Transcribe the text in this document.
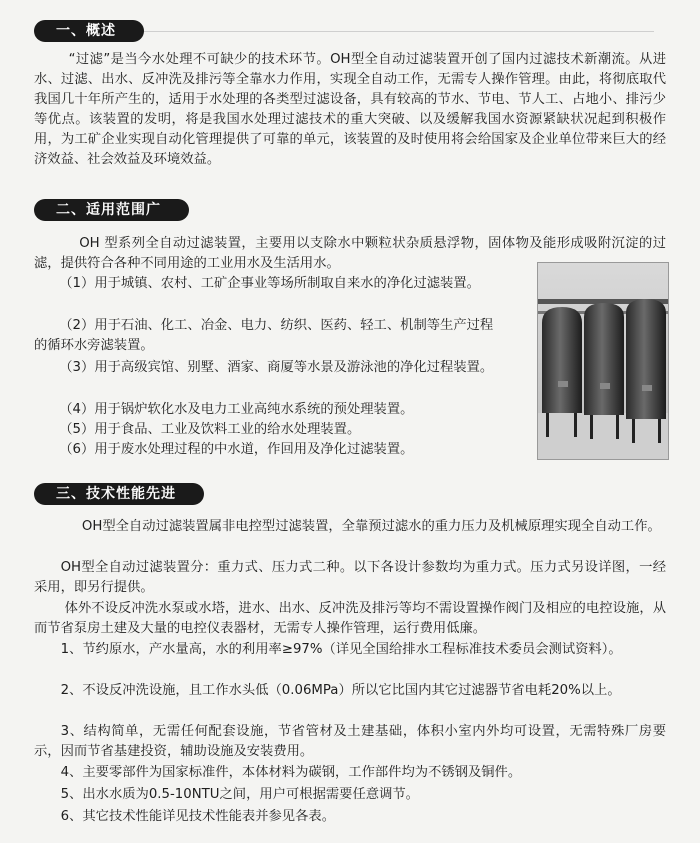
一、概述

“过滤”是当今水处理不可缺少的技术环节。OH型全自动过滤装置开创了国内过滤技术新潮流。从进水、过滤、出水、反冲洗及排污等全靠水力作用，实现全自动工作，无需专人操作管理。由此，将彻底取代我国几十年所产生的，适用于水处理的各类型过滤设备，具有较高的节水、节电、节人工、占地小、排污少等优点。该装置的发明，将是我国水处理过滤技术的重大突破、以及缓解我国水资源紧缺状况起到积极作用，为工矿企业实现自动化管理提供了可靠的单元，该装置的及时使用将会给国家及企业单位带来巨大的经济效益、社会效益及环境效益。

二、适用范围广

OH 型系列全自动过滤装置，主要用以支除水中颗粒状杂质悬浮物，固体物及能形成吸附沉淀的过滤，提供符合各种不同用途的工业用水及生活用水。

（1）用于城镇、农村、工矿企事业等场所制取自来水的净化过滤装置。

（2）用于石油、化工、冶金、电力、纺织、医药、轻工、机制等生产过程的循环水旁滤装置。

（3）用于高级宾馆、别墅、酒家、商厦等水景及游泳池的净化过程装置。

（4）用于锅炉软化水及电力工业高纯水系统的预处理装置。

（5）用于食品、工业及饮料工业的给水处理装置。

（6）用于废水处理过程的中水道，作回用及净化过滤装置。

三、技术性能先进

OH型全自动过滤装置属非电控型过滤装置，全靠预过滤水的重力压力及机械原理实现全自动工作。

OH型全自动过滤装置分：重力式、压力式二种。以下各设计参数均为重力式。压力式另设详图，一经采用，即另行提供。

体外不设反冲洗水泵或水塔，进水、出水、反冲洗及排污等均不需设置操作阀门及相应的电控设施，从而节省泵房土建及大量的电控仪表器材，无需专人操作管理，运行费用低廉。

1、节约原水，产水量高，水的利用率≥97%（详见全国给排水工程标准技术委员会测试资料）。

2、不设反冲洗设施，且工作水头低（0.06MPa）所以它比国内其它过滤器节省电耗20%以上。

3、结构简单，无需任何配套设施，节省管材及土建基础，体积小室内外均可设置，无需特殊厂房要示，因而节省基建投资，辅助设施及安装费用。

4、主要零部件为国家标准件，本体材料为碳钢，工作部件均为不锈钢及铜件。

5、出水水质为0.5-10NTU之间，用户可根据需要任意调节。

6、其它技术性能详见技术性能表并参见各表。
